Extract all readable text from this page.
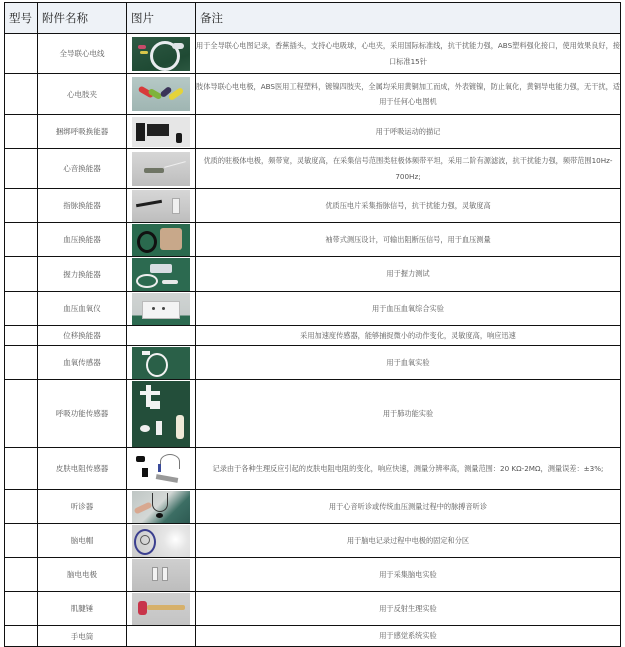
型号	附件名称	图片	备注
	全导联心电线		用于全导联心电图记录，香蕉插头，支持心电吸球，心电夹，采用国际标准线，抗干扰能力强，ABS塑料强化接口，使用效果良好，接口标准15针
	心电肢夹		肢体导联心电电极，ABS医用工程塑料，镀镍四肢夹，全属均采用黄铜加工而成，外表镀镍，防止氧化，黄铜导电能力强，无干扰，适用于任何心电图机
	捆绑呼吸换能器		用于呼吸运动的描记
	心音换能器		优质的驻极体电极，频带宽，灵敏度高，在采集信号范围类驻极体频带平坦，采用二阶有源滤波，抗干扰能力强，频带范围10Hz-700Hz;
	指脉换能器		优质压电片采集指脉信号，抗干扰能力强，灵敏度高
	血压换能器		袖带式测压设计，可输出阻断压信号，用于血压测量
	握力换能器		用于握力测试
	血压血氧仪		用于血压血氧综合实验
	位移换能器		采用加速度传感器，能够捕捉微小的动作变化，灵敏度高，响应迅速
	血氧传感器		用于血氧实验
	呼吸功能传感器		用于肺功能实验
	皮肤电阻传感器		记录由于各种生理反应引起的皮肤电阻电阻的变化，响应快速，测量分辨率高，测量范围：20 KΩ-2MΩ，测量误差：±3%;
	听诊器		用于心音听诊或传统血压测量过程中的脉搏音听诊
	脑电帽		用于脑电记录过程中电极的固定和分区
	脑电电极		用于采集脑电实验
	肌腱锤		用于反射生理实验
	手电筒		用于感觉系统实验
